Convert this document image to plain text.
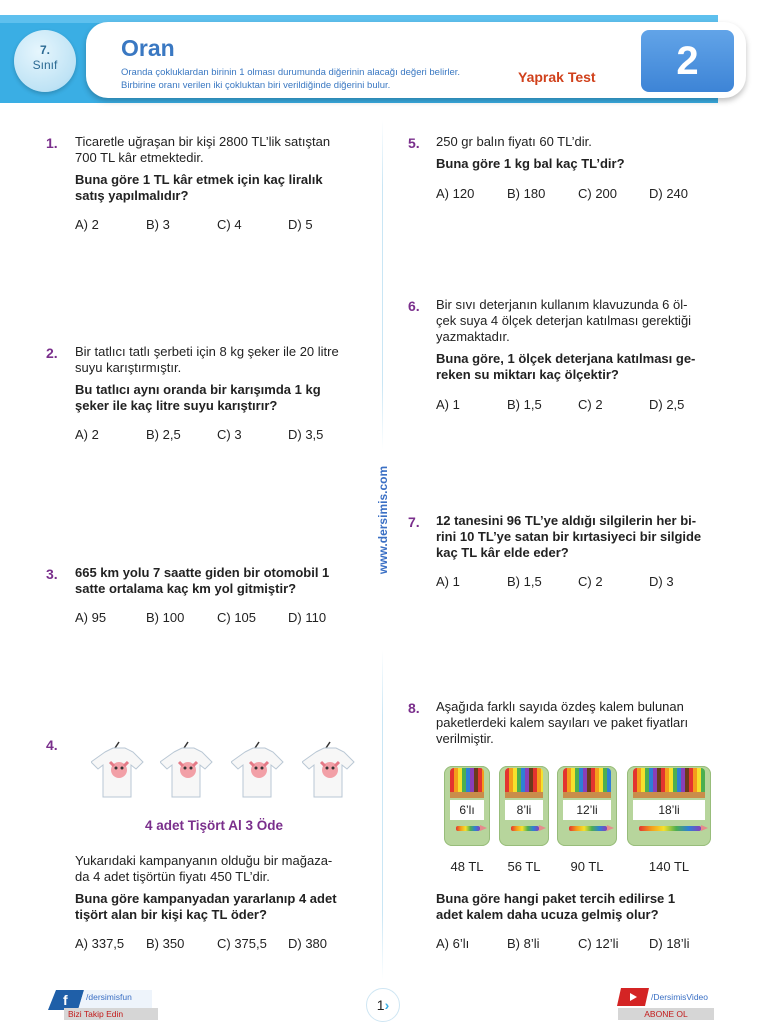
7.
Sınıf
Oran
Oranda çokluklardan birinin 1 olması durumunda diğerinin alacağı değeri belirler.
Birbirine oranı verilen iki çokluktan biri verildiğinde diğerini bulur.
Yaprak Test	2
www.dersimis.com
1. Ticaretle uğraşan bir kişi 2800 TL’lik satıştan
700 TL kâr etmektedir.
Buna göre 1 TL kâr etmek için kaç liralık
satış yapılmalıdır?
A) 2	B) 3	C) 4	D) 5
2. Bir tatlıcı tatlı şerbeti için 8 kg şeker ile 20 litre
suyu karıştırmıştır.
Bu tatlıcı aynı oranda bir karışımda 1 kg
şeker ile kaç litre suyu karıştırır?
A) 2	B) 2,5	C) 3	D) 3,5
3. 665 km yolu 7 saatte giden bir otomobil 1
satte ortalama kaç km yol gitmiştir?
A) 95	B) 100	C) 105 D) 110
4.
4 adet Tişört Al 3 Öde
Yukarıdaki kampanyanın olduğu bir mağaza-
da 4 adet tişörtün fiyatı 450 TL’dir.
Buna göre kampanyadan yararlanıp 4 adet
tişört alan bir kişi kaç TL öder?
A) 337,5 B) 350	C) 375,5 D) 380
5. 250 gr balın fiyatı 60 TL’dir.
Buna göre 1 kg bal kaç TL’dir?
A) 120	B) 180	C) 200 D) 240
6. Bir sıvı deterjanın kullanım klavuzunda 6 öl-
çek suya 4 ölçek deterjan katılması gerektiği
yazmaktadır.
Buna göre, 1 ölçek deterjana katılması ge-
reken su miktarı kaç ölçektir?
A) 1	B) 1,5	C) 2	D) 2,5
7. 12 tanesini 96 TL’ye aldığı silgilerin her bi-
rini 10 TL’ye satan bir kırtasiyeci bir silgide
kaç TL kâr elde eder?
A) 1	B) 1,5	C) 2	D) 3
8. Aşağıda farklı sayıda özdeş kalem bulunan
paketlerdeki kalem sayıları ve paket fiyatları
verilmiştir.
6’lı	8’li	12’li	18’li
48 TL	56 TL	90 TL	140 TL
Buna göre hangi paket tercih edilirse 1
adet kalem daha ucuza gelmiş olur?
A) 6’lı	B) 8’li	C) 12’li D) 18’li
f /dersimisfun
Bizi Takip Edin
1›	/DersimisVideo
ABONE OL
